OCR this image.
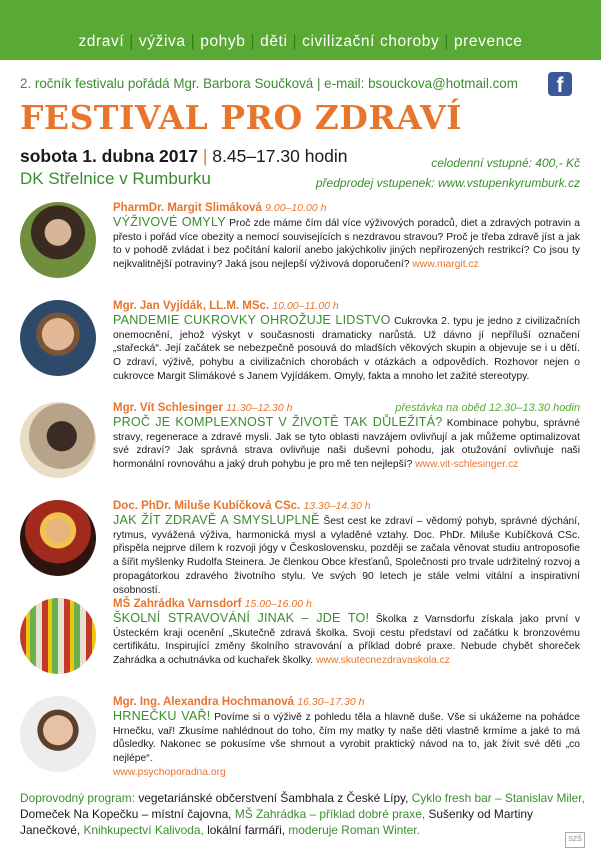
zdraví | výživa | pohyb | děti | civilizační choroby | prevence
2. ročník festivalu pořádá Mgr. Barbora Součková | e-mail: bsouckova@hotmail.com	f
FESTIVAL PRO ZDRAVÍ
sobota 1. dubna 2017 | 8.45–17.30 hodin
DK Střelnice v Rumburku
celodenní vstupné: 400,- Kč
předprodej vstupenek: www.vstupenkyrumburk.cz
PharmDr. Margit Slimáková 9.00–10.00 h
VÝŽIVOVÉ OMYLY Proč zde máme čím dál více výživových poradců, diet a zdravých potravin a přesto i pořád více obezity a nemocí souvisejících s nezdravou stravou? Proč je třeba zdravě jíst a jak to v pohodě zvládat i bez počítání kalorií anebo jakýchkoliv jiných nepřirozených restrikcí? Co jsou ty nejkvalitnější potraviny? Jaká jsou nejlepší výživová doporučení? www.margit.cz
Mgr. Jan Vyjídák, LL.M. MSc. 10.00–11.00 h
PANDEMIE CUKROVKY OHROŽUJE LIDSTVO Cukrovka 2. typu je jedno z civilizačních onemocnění, jehož výskyt v současnosti dramaticky narůstá. Už dávno jí nepříluší označení „stařecká“. Její začátek se nebezpečně posouvá do mladších věkových skupin a objevuje se i u dětí. O zdraví, výživě, pohybu a civilizačních chorobách v otázkách a odpovědích. Rozhovor nejen o cukrovce Margit Slimákové s Janem Vyjídákem. Omyly, fakta a mnoho let zažité stereotypy.
Mgr. Vít Schlesinger 11.30–12.30 h	přestávka na oběd 12.30–13.30 hodin
PROČ JE KOMPLEXNOST V ŽIVOTĚ TAK DŮLEŽITÁ? Kombinace pohybu, správné stravy, regenerace a zdravé mysli. Jak se tyto oblasti navzájem ovlivňují a jak můžeme optimalizovat své zdraví? Jak správná strava ovlivňuje naši duševní pohodu, jak otužování ovlivňuje naši hormonální rovnováhu a jaký druh pohybu je pro mě ten nejlepší? www.vit-schlesinger.cz
Doc. PhDr. Miluše Kubíčková CSc. 13.30–14.30 h
JAK ŽÍT ZDRAVĚ A SMYSLUPLNĚ Šest cest ke zdraví – vědomý pohyb, správné dýchání, rytmus, vyvážená výživa, harmonická mysl a vyladěné vztahy. Doc. PhDr. Miluše Kubíčková CSc. přispěla nejprve dílem k rozvoji jógy v Československu, později se začala věnovat studiu antroposofie a šířit myšlenky Rudolfa Steinera. Je členkou Obce křesťanů, Společnosti pro trvale udržitelný rozvoj a propagátorkou zdravého životního stylu. Ve svých 90 letech je stále velmi vitální a inspirativní osobností.
MŠ Zahrádka Varnsdorf 15.00–16.00 h
ŠKOLNÍ STRAVOVÁNÍ JINAK – JDE TO! Školka z Varnsdorfu získala jako první v Ústeckém kraji ocenění „Skutečně zdravá školka. Svoji cestu představí od začátku k bronzovému certifikátu. Inspirující změny školního stravování a příklad dobré praxe. Nebude chybět shoreček Zahrádka a ochutnávka od kuchařek školky. www.skutecnezdravaskola.cz
Mgr. Ing. Alexandra Hochmanová 16.30–17.30 h
HRNEČKU VAŘ! Povíme si o výživě z pohledu těla a hlavně duše. Vše si ukážeme na pohádce Hrnečku, vař! Zkusíme nahlédnout do toho, čím my matky ty naše děti vlastně krmíme a jaké to má důsledky. Nakonec se pokusíme vše shrnout a vyrobit praktický návod na to, jak živit své děti „co nejlépe“.
www.psychoporadna.org
Doprovodný program: vegetariánské občerstvení Šambhala z České Lípy, Cyklo fresh bar – Stanislav Miler, Domeček Na Kopečku – místní čajovna, MŠ Zahrádka – příklad dobré praxe, Sušenky od Martiny Janečkové, Knihkupectví Kalivoda, lokální farmáři, moderuje Roman Winter.
SZŠ
